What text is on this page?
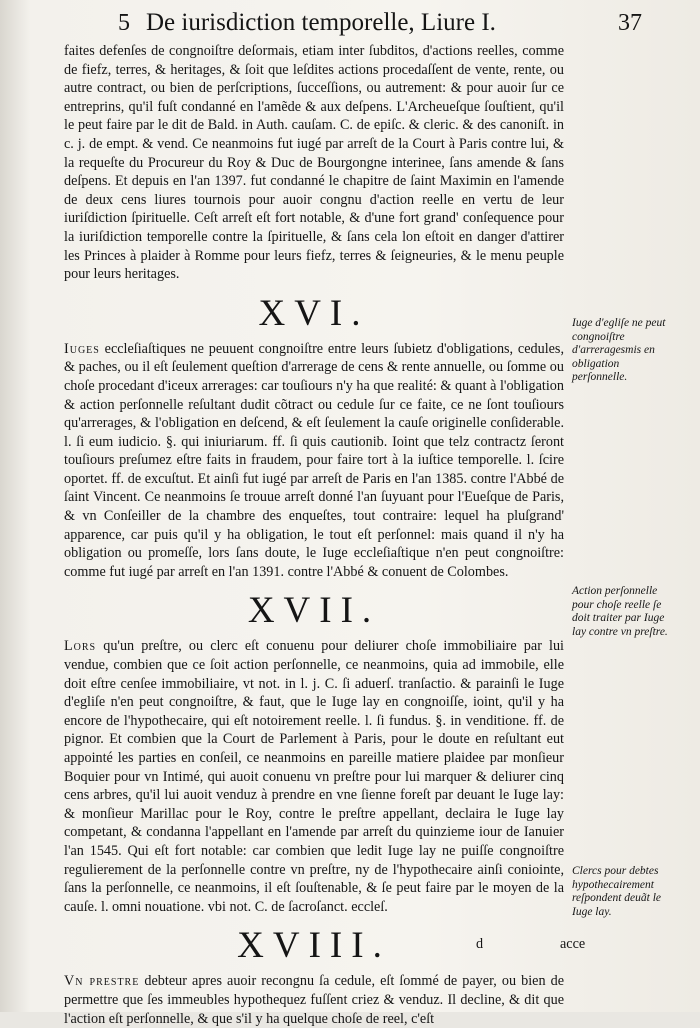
5 De iurisdiction temporelle, Liure I.	37

faites defenſes de congnoiſtre deſormais, etiam inter ſubditos, d'actions reelles, comme de fiefz, terres, & heritages, & ſoit que leſdites actions procedaſſent de vente, rente, ou autre contract, ou bien de perſcriptions, ſucceſſions, ou autrement: & pour auoir ſur ce entreprins, qu'il fuſt condanné en l'amẽde & aux deſpens. L'Archeueſque ſouſtient, qu'il le peut faire par le dit de Bald. in Auth. cauſam. C. de epiſc. & cleric. & des canoniſt. in c. j. de empt. & vend. Ce neanmoins fut iugé par arreſt de la Court à Paris contre lui, & la requeſte du Procureur du Roy & Duc de Bourgongne interinee, ſans amende & ſans deſpens. Et depuis en l'an 1397. fut condanné le chapitre de ſaint Maximin en l'amende de deux cens liures tournois pour auoir congnu d'action reelle en vertu de leur iuriſdiction ſpirituelle. Ceſt arreſt eſt fort notable, & d'une fort grand' conſequence pour la iuriſdiction temporelle contre la ſpirituelle, & ſans cela lon eſtoit en danger d'attirer les Princes à plaider à Romme pour leurs fiefz, terres & ſeigneuries, & le menu peuple pour leurs heritages.

XVI.

Iuges eccleſiaſtiques ne peuuent congnoiſtre entre leurs ſubietz d'obligations, cedules, & paches, ou il eſt ſeulement queſtion d'arrerage de cens & rente annuelle, ou ſomme ou choſe procedant d'iceux arrerages: car touſiours n'y ha que realité: & quant à l'obligation & action perſonnelle reſultant dudit cõtract ou cedule ſur ce faite, ce ne ſont touſiours qu'arrerages, & l'obligation en deſcend, & eſt ſeulement la cauſe originelle conſiderable. l. ſi eum iudicio. §. qui iniuriarum. ff. ſi quis cautionib. Ioint que telz contractz ſeront touſiours preſumez eſtre faits in fraudem, pour faire tort à la iuſtice temporelle. l. ſcire oportet. ff. de excuſtut. Et ainſi fut iugé par arreſt de Paris en l'an 1385. contre l'Abbé de ſaint Vincent. Ce neanmoins ſe trouue arreſt donné l'an ſuyuant pour l'Eueſque de Paris, & vn Conſeiller de la chambre des enqueſtes, tout contraire: lequel ha pluſgrand' apparence, car puis qu'il y ha obligation, le tout eſt perſonnel: mais quand il n'y ha obligation ou promeſſe, lors ſans doute, le Iuge eccleſiaſtique n'en peut congnoiſtre: comme fut iugé par arreſt en l'an 1391. contre l'Abbé & conuent de Colombes.

XVII.

Lors qu'un preſtre, ou clerc eſt conuenu pour deliurer choſe immobiliaire par lui vendue, combien que ce ſoit action perſonnelle, ce neanmoins, quia ad immobile, elle doit eſtre cenſee immobiliaire, vt not. in l. j. C. ſi aduerſ. tranſactio. & parainſi le Iuge d'egliſe n'en peut congnoiſtre, & faut, que le Iuge lay en congnoiſſe, ioint, qu'il y ha encore de l'hypothecaire, qui eſt notoirement reelle. l. ſi fundus. §. in venditione. ff. de pignor. Et combien que la Court de Parlement à Paris, pour le doute en reſultant eut appointé les parties en conſeil, ce neanmoins en pareille matiere plaidee par monſieur Boquier pour vn Intimé, qui auoit conuenu vn preſtre pour lui marquer & deliurer cinq cens arbres, qu'il lui auoit venduz à prendre en vne ſienne foreſt par deuant le Iuge lay: & monſieur Marillac pour le Roy, contre le preſtre appellant, declaira le Iuge lay competant, & condanna l'appellant en l'amende par arreſt du quinzieme iour de Ianuier l'an 1545. Qui eſt fort notable: car combien que ledit Iuge lay ne puiſſe congnoiſtre regulierement de la perſonnelle contre vn preſtre, ny de l'hypothecaire ainſi coniointe, ſans la perſonnelle, ce neanmoins, il eſt ſouſtenable, & ſe peut faire par le moyen de la cauſe. l. omni nouatione. vbi not. C. de ſacroſanct. eccleſ.

XVIII.

Vn preſtre debteur apres auoir recongnu ſa cedule, eſt ſommé de payer, ou bien de permettre que ſes immeubles hypothequez fuſſent criez & venduz. Il decline, & dit que l'action eſt perſonnelle, & que s'il y ha quelque choſe de reel, c'eſt

Iuge d'egliſe ne peut congnoiſtre d'arreragesmis en obligation perſonnelle.
Action perſonnelle pour choſe reelle ſe doit traiter par Iuge lay contre vn preſtre.
Clercs pour debtes hypothecairement reſpondent deuãt le Iuge lay.
d	acce
